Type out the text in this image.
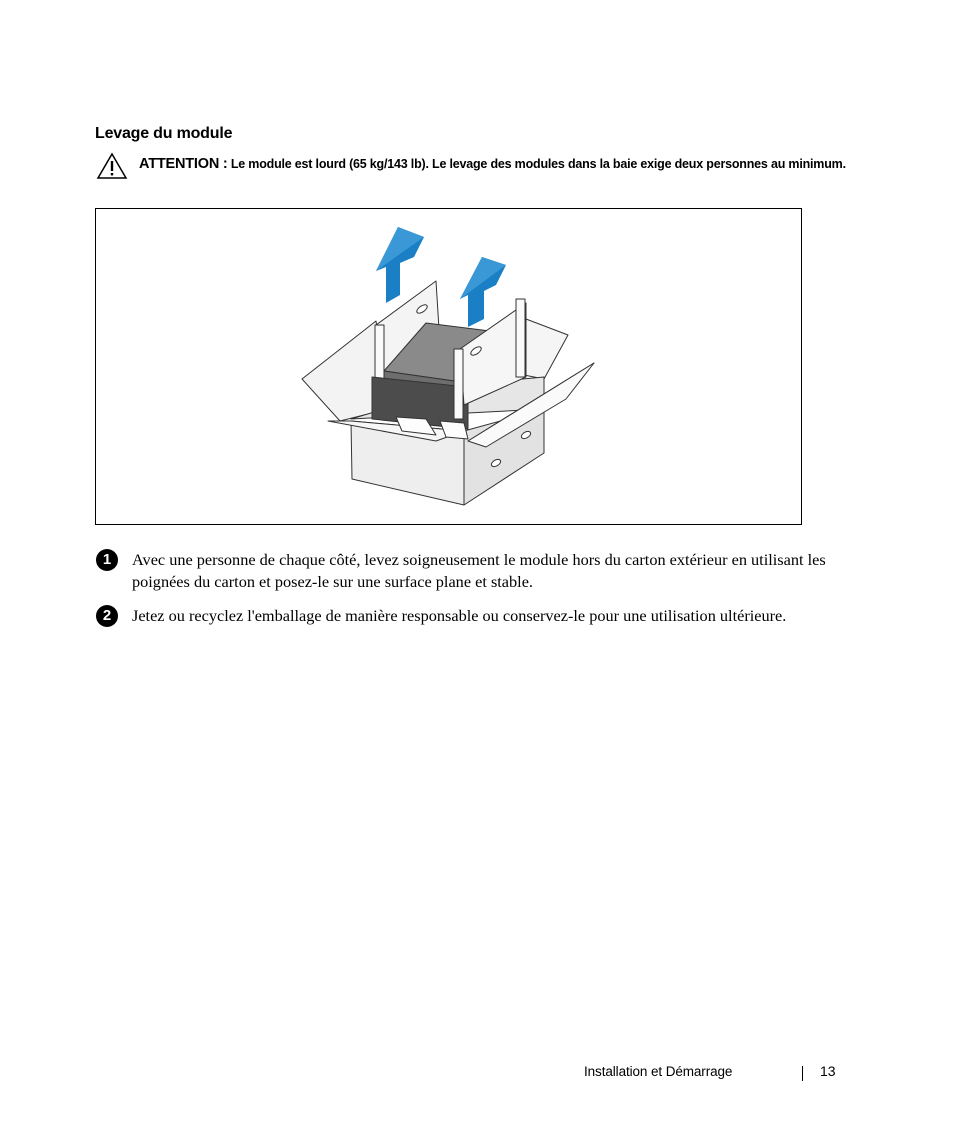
Levage du module
ATTENTION : Le module est lourd (65 kg/143 lb). Le levage des modules dans la baie exige deux personnes au minimum.
1	Avec une personne de chaque côté, levez soigneusement le module hors du carton extérieur en utilisant les poignées du carton et posez-le sur une surface plane et stable.
2	Jetez ou recyclez l'emballage de manière responsable ou conservez-le pour une utilisation ultérieure.
Installation et Démarrage	13
